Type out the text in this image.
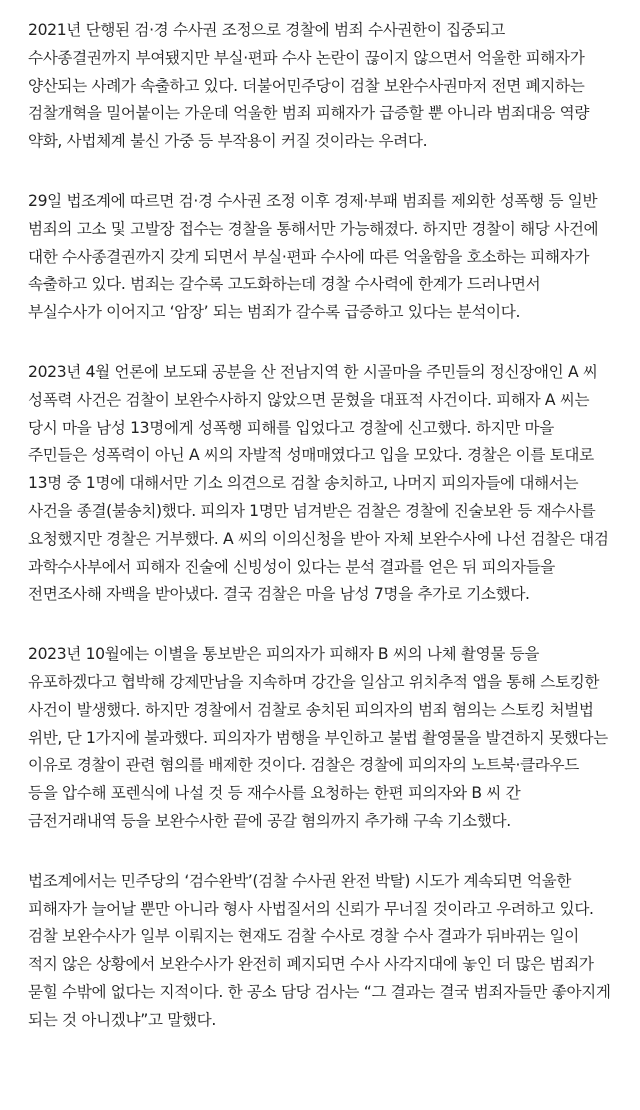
2021년 단행된 검·경 수사권 조정으로 경찰에 범죄 수사권한이 집중되고 수사종결권까지 부여됐지만 부실·편파 수사 논란이 끊이지 않으면서 억울한 피해자가 양산되는 사례가 속출하고 있다. 더불어민주당이 검찰 보완수사권마저 전면 폐지하는 검찰개혁을 밀어붙이는 가운데 억울한 범죄 피해자가 급증할 뿐 아니라 범죄대응 역량 약화, 사법체계 불신 가중 등 부작용이 커질 것이라는 우려다.

29일 법조계에 따르면 검·경 수사권 조정 이후 경제·부패 범죄를 제외한 성폭행 등 일반 범죄의 고소 및 고발장 접수는 경찰을 통해서만 가능해졌다. 하지만 경찰이 해당 사건에 대한 수사종결권까지 갖게 되면서 부실·편파 수사에 따른 억울함을 호소하는 피해자가 속출하고 있다. 범죄는 갈수록 고도화하는데 경찰 수사력에 한계가 드러나면서 부실수사가 이어지고 ‘암장’ 되는 범죄가 갈수록 급증하고 있다는 분석이다.

2023년 4월 언론에 보도돼 공분을 산 전남지역 한 시골마을 주민들의 정신장애인 A 씨 성폭력 사건은 검찰이 보완수사하지 않았으면 묻혔을 대표적 사건이다. 피해자 A 씨는 당시 마을 남성 13명에게 성폭행 피해를 입었다고 경찰에 신고했다. 하지만 마을 주민들은 성폭력이 아닌 A 씨의 자발적 성매매였다고 입을 모았다. 경찰은 이를 토대로 13명 중 1명에 대해서만 기소 의견으로 검찰 송치하고, 나머지 피의자들에 대해서는 사건을 종결(불송치)했다. 피의자 1명만 넘겨받은 검찰은 경찰에 진술보완 등 재수사를 요청했지만 경찰은 거부했다. A 씨의 이의신청을 받아 자체 보완수사에 나선 검찰은 대검 과학수사부에서 피해자 진술에 신빙성이 있다는 분석 결과를 얻은 뒤 피의자들을 전면조사해 자백을 받아냈다. 결국 검찰은 마을 남성 7명을 추가로 기소했다.

2023년 10월에는 이별을 통보받은 피의자가 피해자 B 씨의 나체 촬영물 등을 유포하겠다고 협박해 강제만남을 지속하며 강간을 일삼고 위치추적 앱을 통해 스토킹한 사건이 발생했다. 하지만 경찰에서 검찰로 송치된 피의자의 범죄 혐의는 스토킹 처벌법 위반, 단 1가지에 불과했다. 피의자가 범행을 부인하고 불법 촬영물을 발견하지 못했다는 이유로 경찰이 관련 혐의를 배제한 것이다. 검찰은 경찰에 피의자의 노트북·클라우드 등을 압수해 포렌식에 나설 것 등 재수사를 요청하는 한편 피의자와 B 씨 간 금전거래내역 등을 보완수사한 끝에 공갈 혐의까지 추가해 구속 기소했다.

법조계에서는 민주당의 ‘검수완박’(검찰 수사권 완전 박탈) 시도가 계속되면 억울한 피해자가 늘어날 뿐만 아니라 형사 사법질서의 신뢰가 무너질 것이라고 우려하고 있다. 검찰 보완수사가 일부 이뤄지는 현재도 검찰 수사로 경찰 수사 결과가 뒤바뀌는 일이 적지 않은 상황에서 보완수사가 완전히 폐지되면 수사 사각지대에 놓인 더 많은 범죄가 묻힐 수밖에 없다는 지적이다. 한 공소 담당 검사는 “그 결과는 결국 범죄자들만 좋아지게 되는 것 아니겠냐”고 말했다.
